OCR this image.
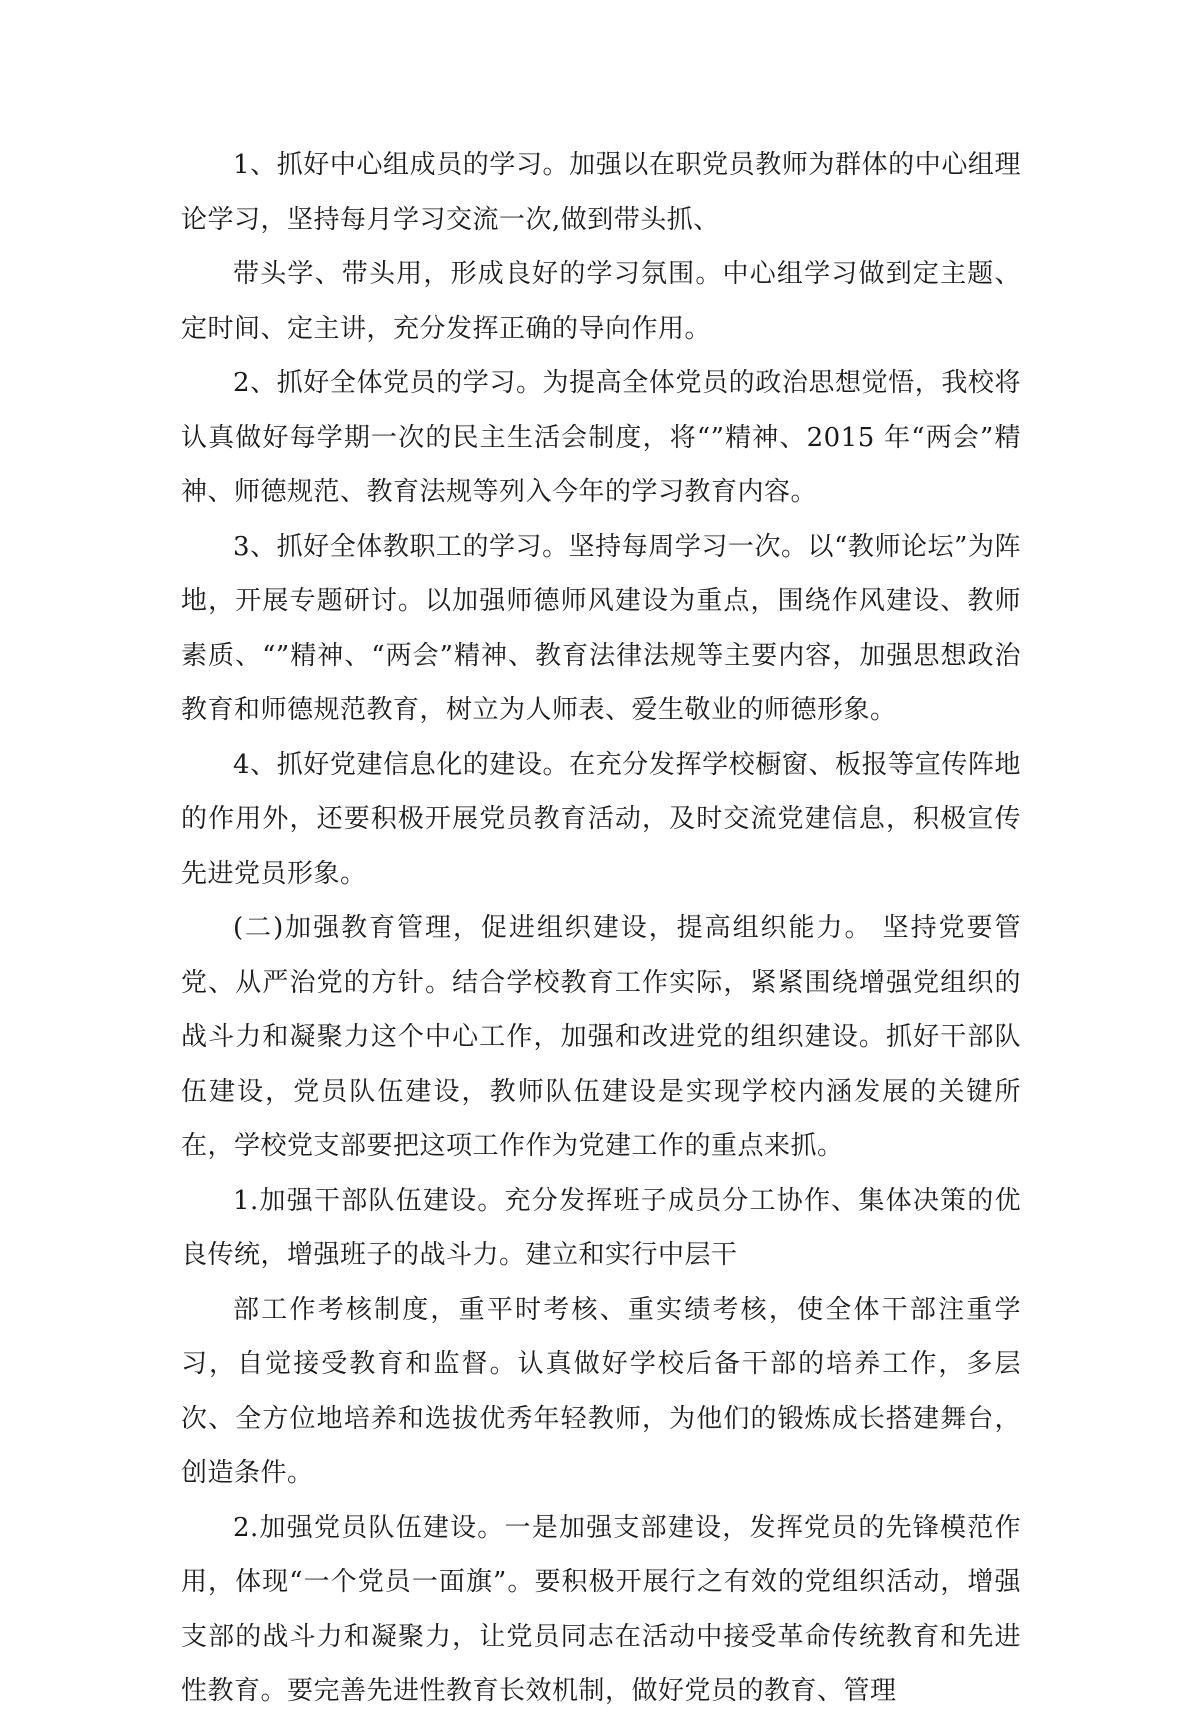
1、抓好中心组成员的学习。加强以在职党员教师为群体的中心组理论学习，坚持每月学习交流一次,做到带头抓、

带头学、带头用，形成良好的学习氛围。中心组学习做到定主题、定时间、定主讲，充分发挥正确的导向作用。

2、抓好全体党员的学习。为提高全体党员的政治思想觉悟，我校将认真做好每学期一次的民主生活会制度，将“”精神、2015 年“两会”精神、师德规范、教育法规等列入今年的学习教育内容。

3、抓好全体教职工的学习。坚持每周学习一次。以“教师论坛”为阵地，开展专题研讨。以加强师德师风建设为重点，围绕作风建设、教师素质、“”精神、“两会”精神、教育法律法规等主要内容，加强思想政治教育和师德规范教育，树立为人师表、爱生敬业的师德形象。

4、抓好党建信息化的建设。在充分发挥学校橱窗、板报等宣传阵地的作用外，还要积极开展党员教育活动，及时交流党建信息，积极宣传先进党员形象。

(二)加强教育管理，促进组织建设，提高组织能力。 坚持党要管党、从严治党的方针。结合学校教育工作实际，紧紧围绕增强党组织的战斗力和凝聚力这个中心工作，加强和改进党的组织建设。抓好干部队伍建设，党员队伍建设，教师队伍建设是实现学校内涵发展的关键所在，学校党支部要把这项工作作为党建工作的重点来抓。

1.加强干部队伍建设。充分发挥班子成员分工协作、集体决策的优良传统，增强班子的战斗力。建立和实行中层干

部工作考核制度，重平时考核、重实绩考核，使全体干部注重学习，自觉接受教育和监督。认真做好学校后备干部的培养工作，多层次、全方位地培养和选拔优秀年轻教师，为他们的锻炼成长搭建舞台，创造条件。

2.加强党员队伍建设。一是加强支部建设，发挥党员的先锋模范作用，体现“一个党员一面旗”。要积极开展行之有效的党组织活动，增强支部的战斗力和凝聚力，让党员同志在活动中接受革命传统教育和先进性教育。要完善先进性教育长效机制，做好党员的教育、管理
